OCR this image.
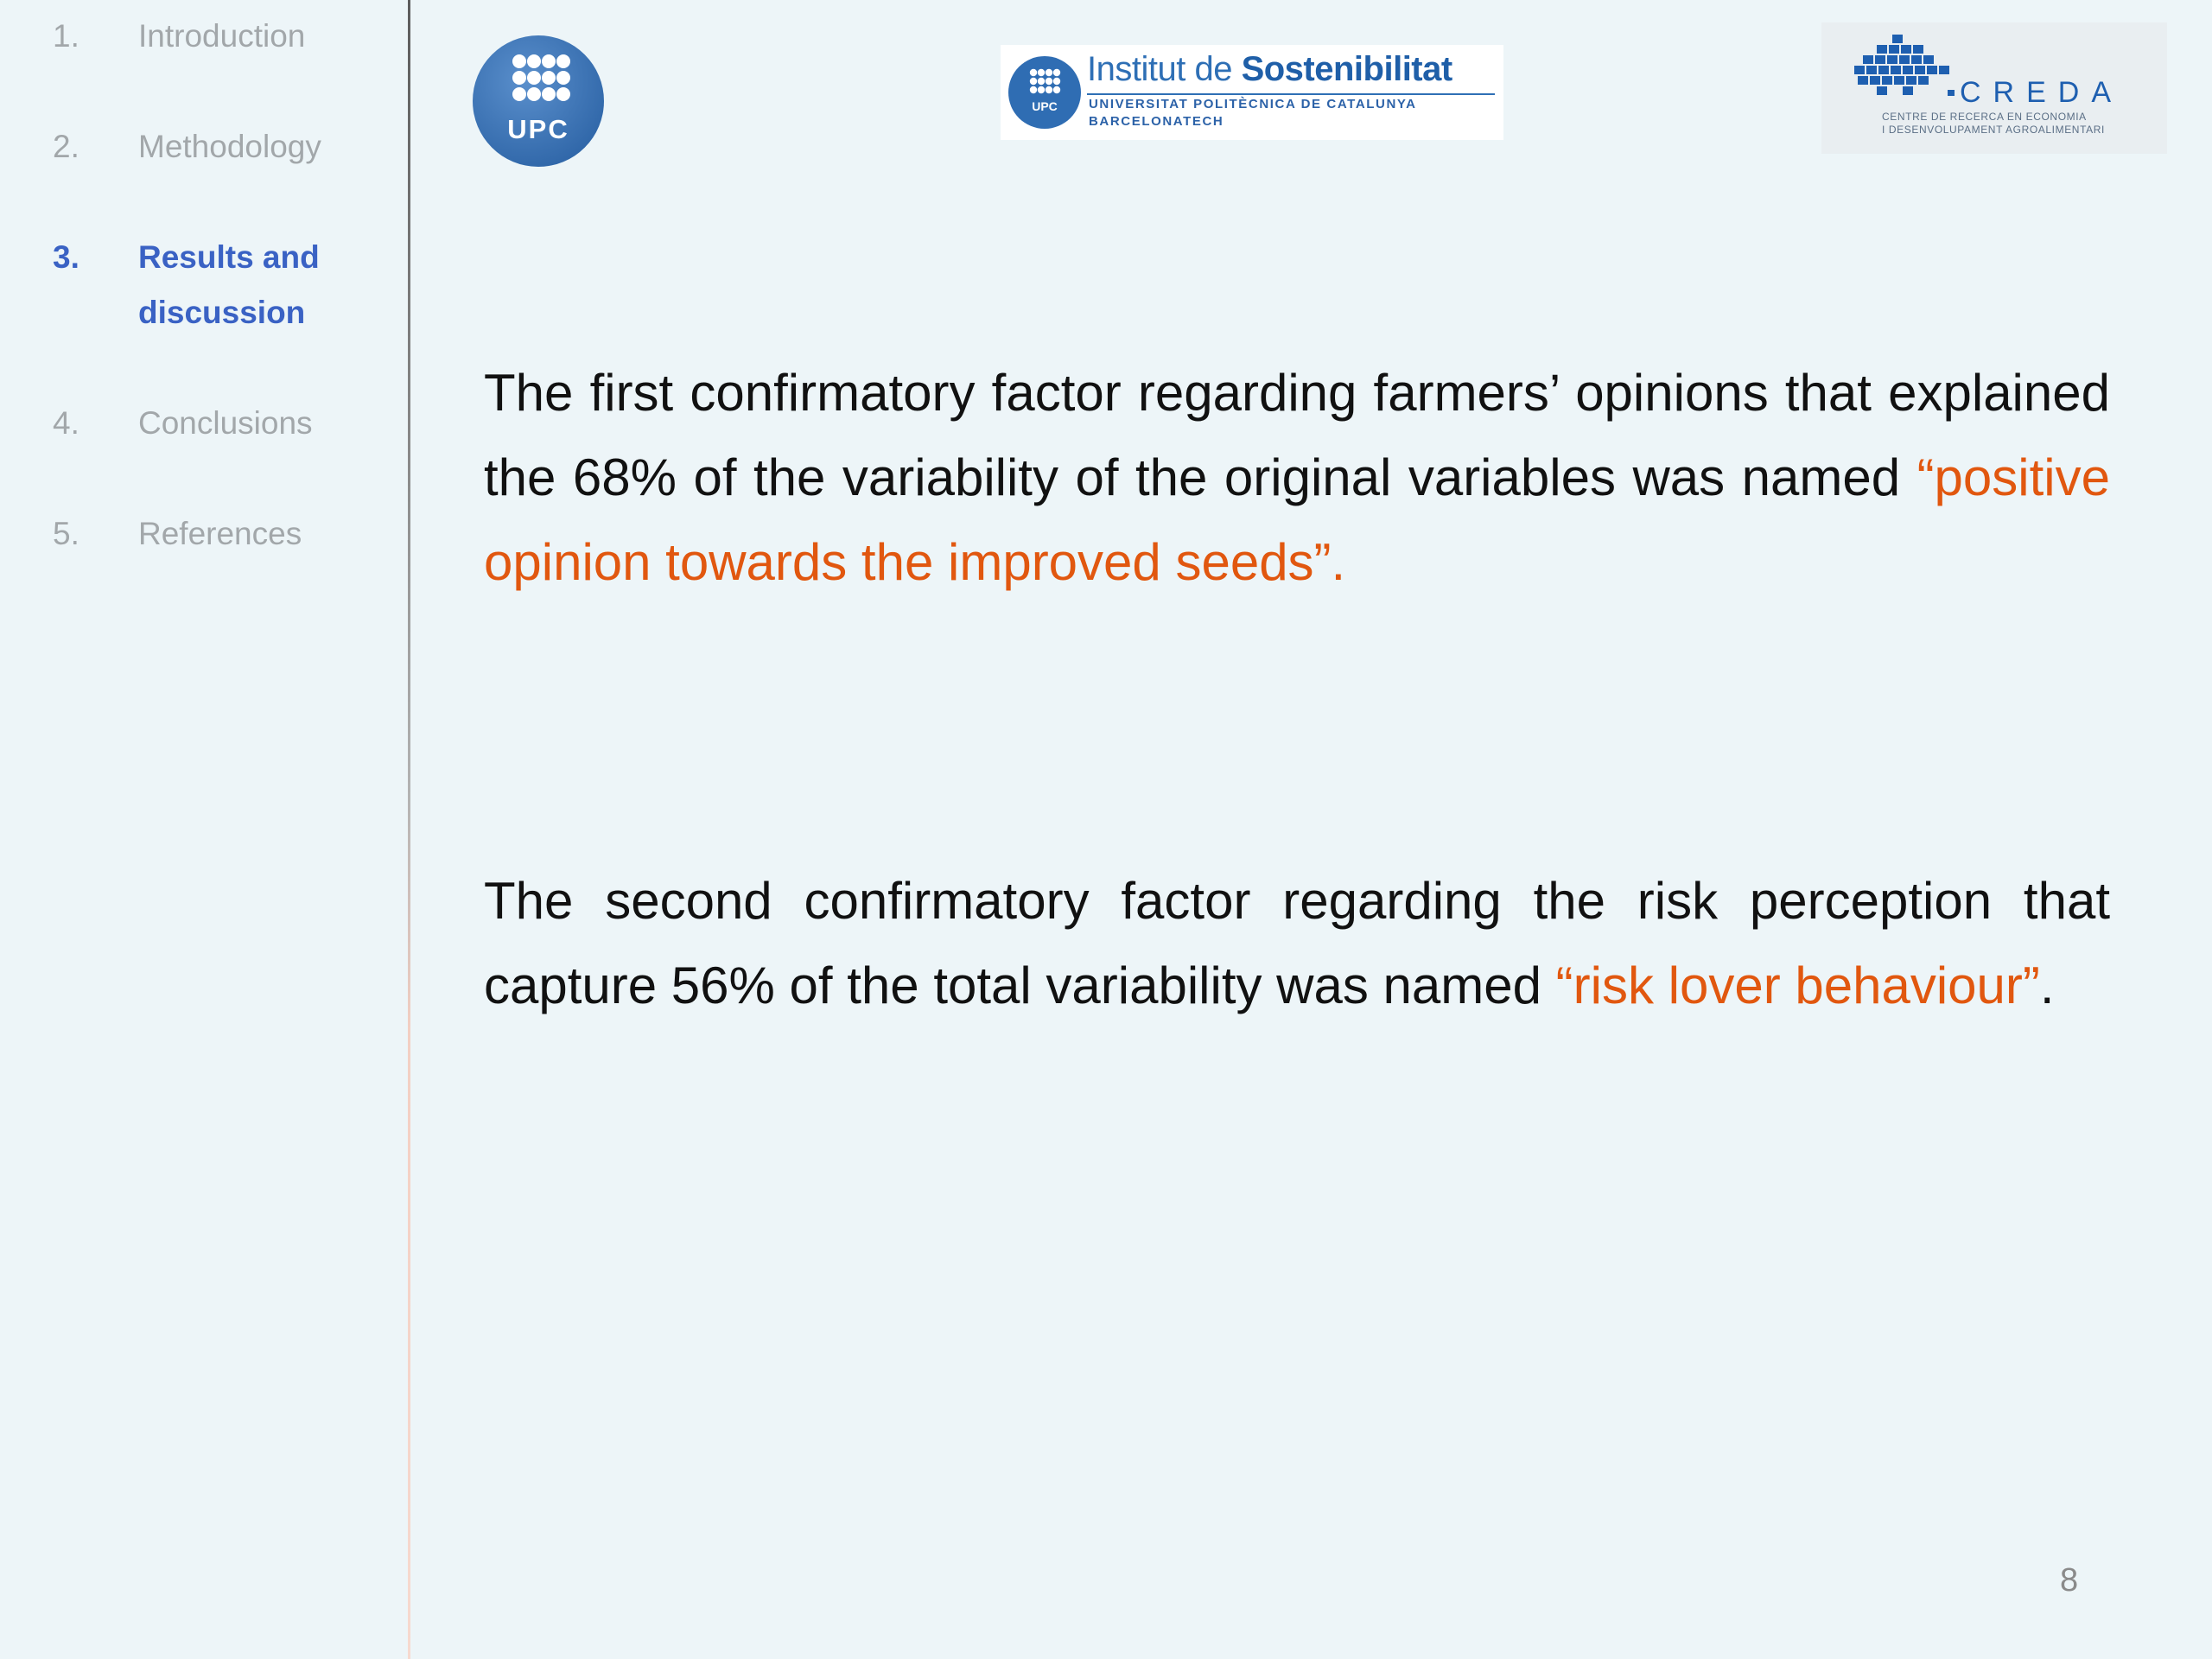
1. Introduction
2. Methodology
3. Results and discussion
4. Conclusions
5. References
UPC
UPC
Institut de Sostenibilitat
UNIVERSITAT POLITÈCNICA DE CATALUNYA
BARCELONATECH
CREDA
CENTRE DE RECERCA EN ECONOMIA
I DESENVOLUPAMENT AGROALIMENTARI

The first confirmatory factor regarding farmers’ opinions that explained the 68% of the variability of the original variables was named “positive opinion towards the improved seeds”.

The second confirmatory factor regarding the risk perception that capture 56% of the total variability was named “risk lover behaviour”.

8
